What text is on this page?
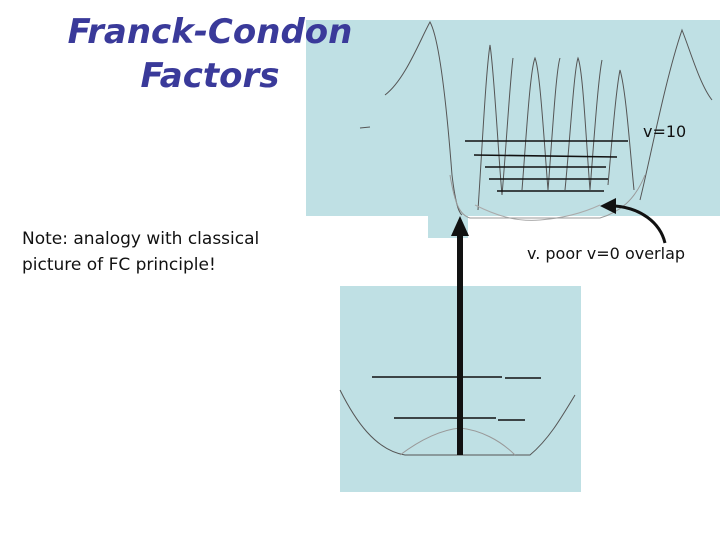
Franck-Condon
Factors
Note: analogy with classical
picture of FC principle!
v=10
v. poor v=0 overlap
